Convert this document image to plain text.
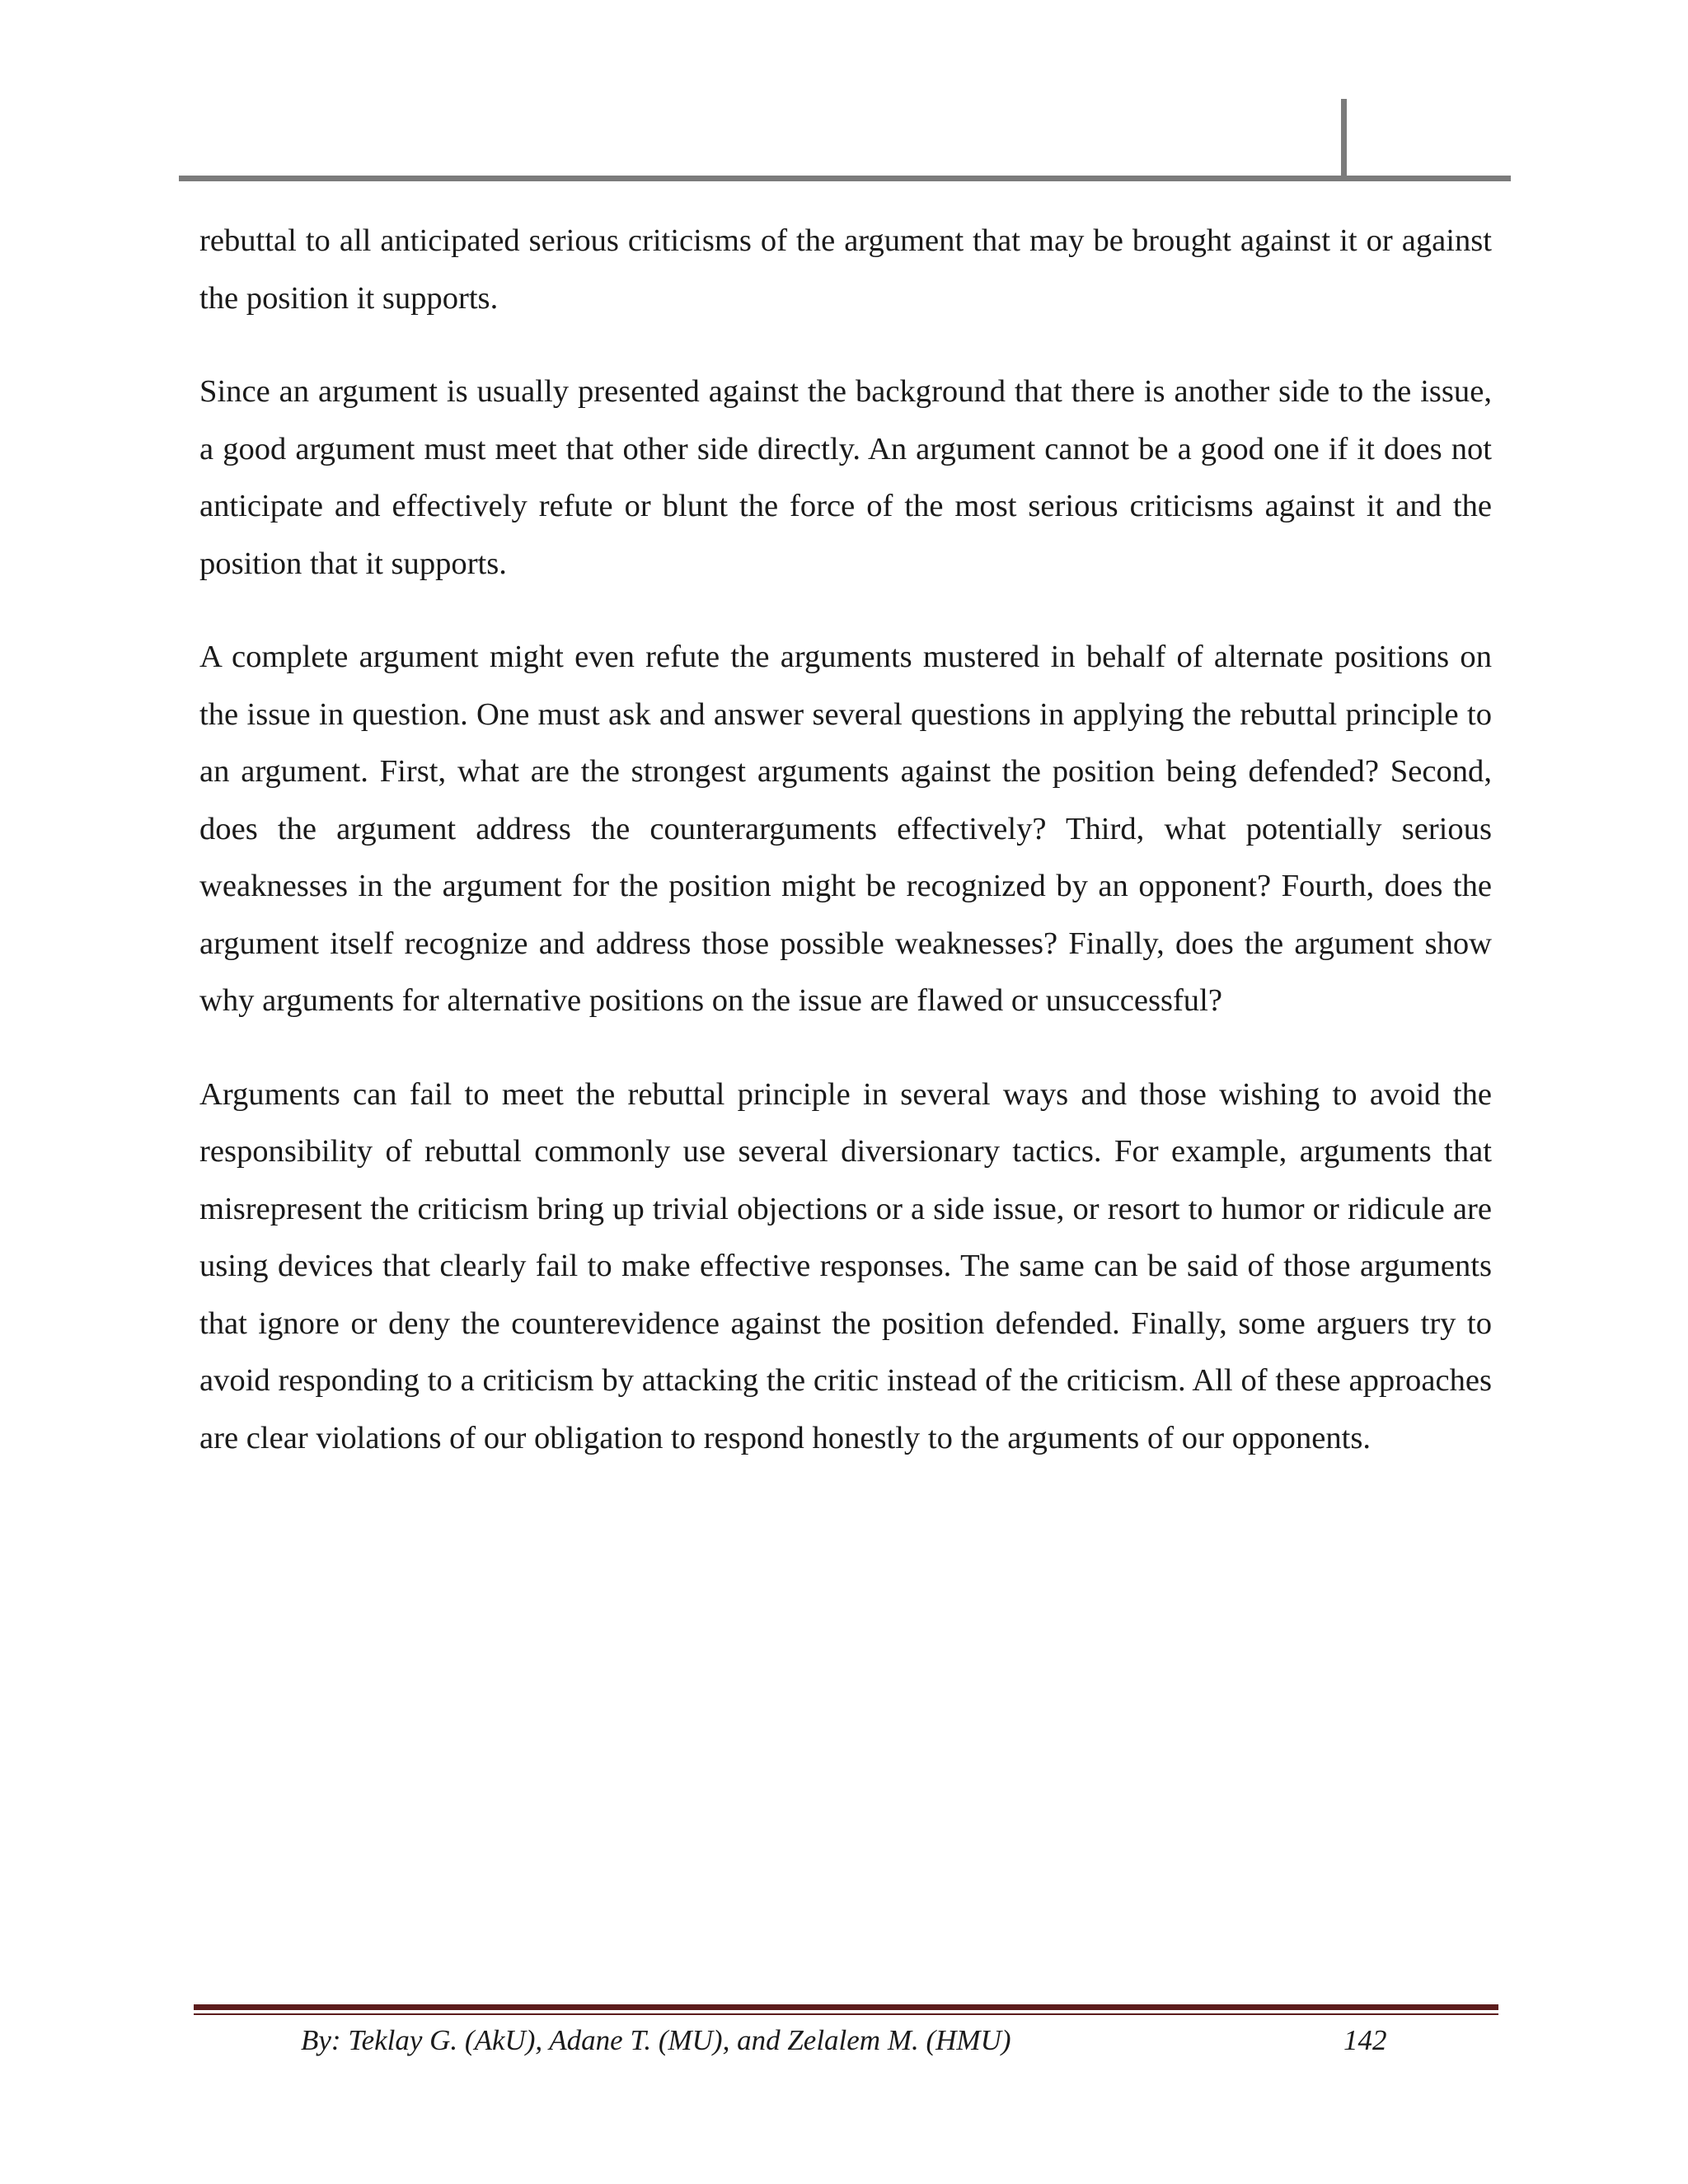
rebuttal to all anticipated serious criticisms of the argument that may be brought against it or against the position it supports.

Since an argument is usually presented against the background that there is another side to the issue, a good argument must meet that other side directly. An argument cannot be a good one if it does not anticipate and effectively refute or blunt the force of the most serious criticisms against it and the position that it supports.

A complete argument might even refute the arguments mustered in behalf of alternate positions on the issue in question. One must ask and answer several questions in applying the rebuttal principle to an argument. First, what are the strongest arguments against the position being defended? Second, does the argument address the counterarguments effectively? Third, what potentially serious weaknesses in the argument for the position might be recognized by an opponent? Fourth, does the argument itself recognize and address those possible weaknesses? Finally, does the argument show why arguments for alternative positions on the issue are flawed or unsuccessful?

Arguments can fail to meet the rebuttal principle in several ways and those wishing to avoid the responsibility of rebuttal commonly use several diversionary tactics. For example, arguments that misrepresent the criticism bring up trivial objections or a side issue, or resort to humor or ridicule are using devices that clearly fail to make effective responses. The same can be said of those arguments that ignore or deny the counterevidence against the position defended. Finally, some arguers try to avoid responding to a criticism by attacking the critic instead of the criticism. All of these approaches are clear violations of our obligation to respond honestly to the arguments of our opponents.

By: Teklay G. (AkU), Adane T. (MU), and Zelalem M. (HMU)	142
